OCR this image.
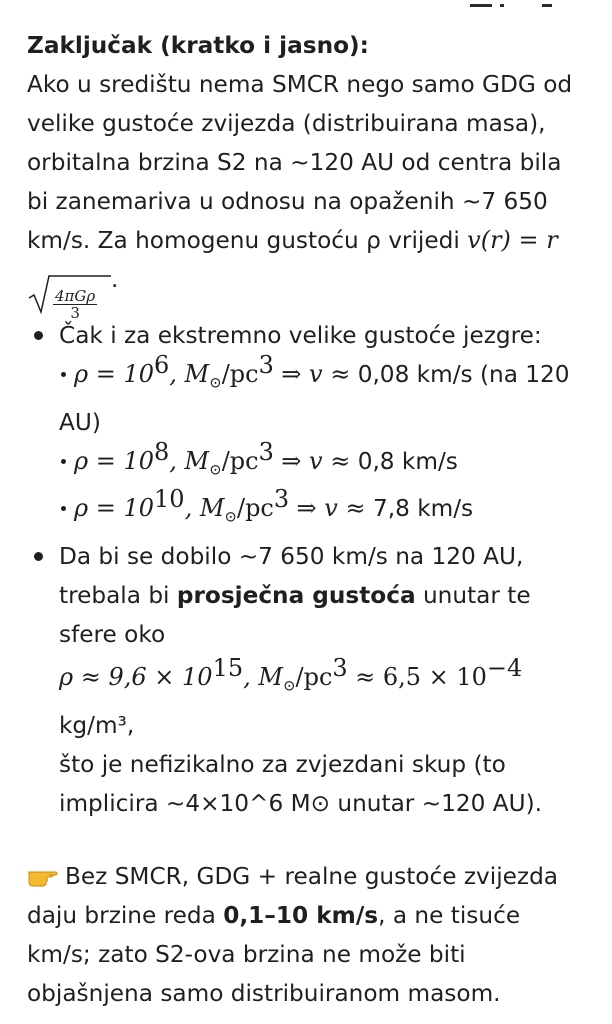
Zaključak (kratko i jasno):

Ako u središtu nema SMCR nego samo GDG od velike gustoće zvijezda (distribuirana masa), orbitalna brzina S2 na ~120 AU od centra bila bi zanemariva u odnosu na opaženih ~7 650 km/s. Za homogenu gustoću ρ vrijedi v(r) = r
$\frac{\text{4πGρ}}{3}$
.

Čak i za ekstremno velike gustoće jezgre:
$\rho = 10^6$, $M_⊙/pc^3$ ⇒ v ≈ 0,08 km/s (na 120 AU)
$\rho = 10^8$, $M_⊙/pc^3$ ⇒ v ≈ 0,8 km/s
$\rho = 10^{10}$, $M_⊙/pc^3$ ⇒ v ≈ 7,8 km/s
Da bi se dobilo ~7 650 km/s na 120 AU, trebala bi prosječna gustoća unutar te sfere oko
$\rho \approx 9,6 \times 10^{15}$, $M_⊙/pc^3 \approx 6,5 \times 10^{-4}$
kg/m³,
što je nefizikalno za zvjezdani skup (to implicira ~4×10^6 M⊙ unutar ~120 AU).

Bez SMCR, GDG + realne gustoće zvijezda daju brzine reda 0,1–10 km/s, a ne tisuće km/s; zato S2-ova brzina ne može biti objašnjena samo distribuiranom masom.
